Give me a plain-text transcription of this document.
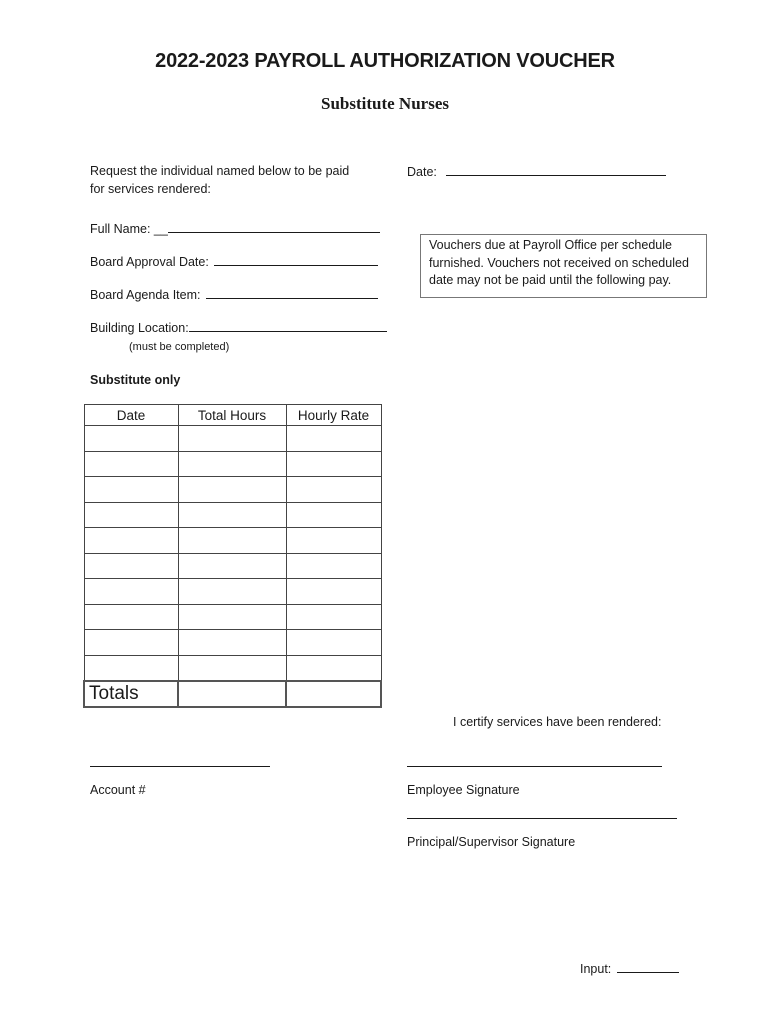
2022-2023 PAYROLL AUTHORIZATION VOUCHER
Substitute Nurses
Request the individual named below to be paid
for services rendered:
Date:
Full Name: __
Board Approval Date:
Board Agenda Item:
Building Location:
(must be completed)
Vouchers due at Payroll Office per schedule
furnished. Vouchers not received on scheduled
date may not be paid until the following pay.
Substitute only
Date	Total Hours	Hourly Rate

Totals		
I certify services have been rendered:
Account #	Employee Signature
Principal/Supervisor Signature
Input:
